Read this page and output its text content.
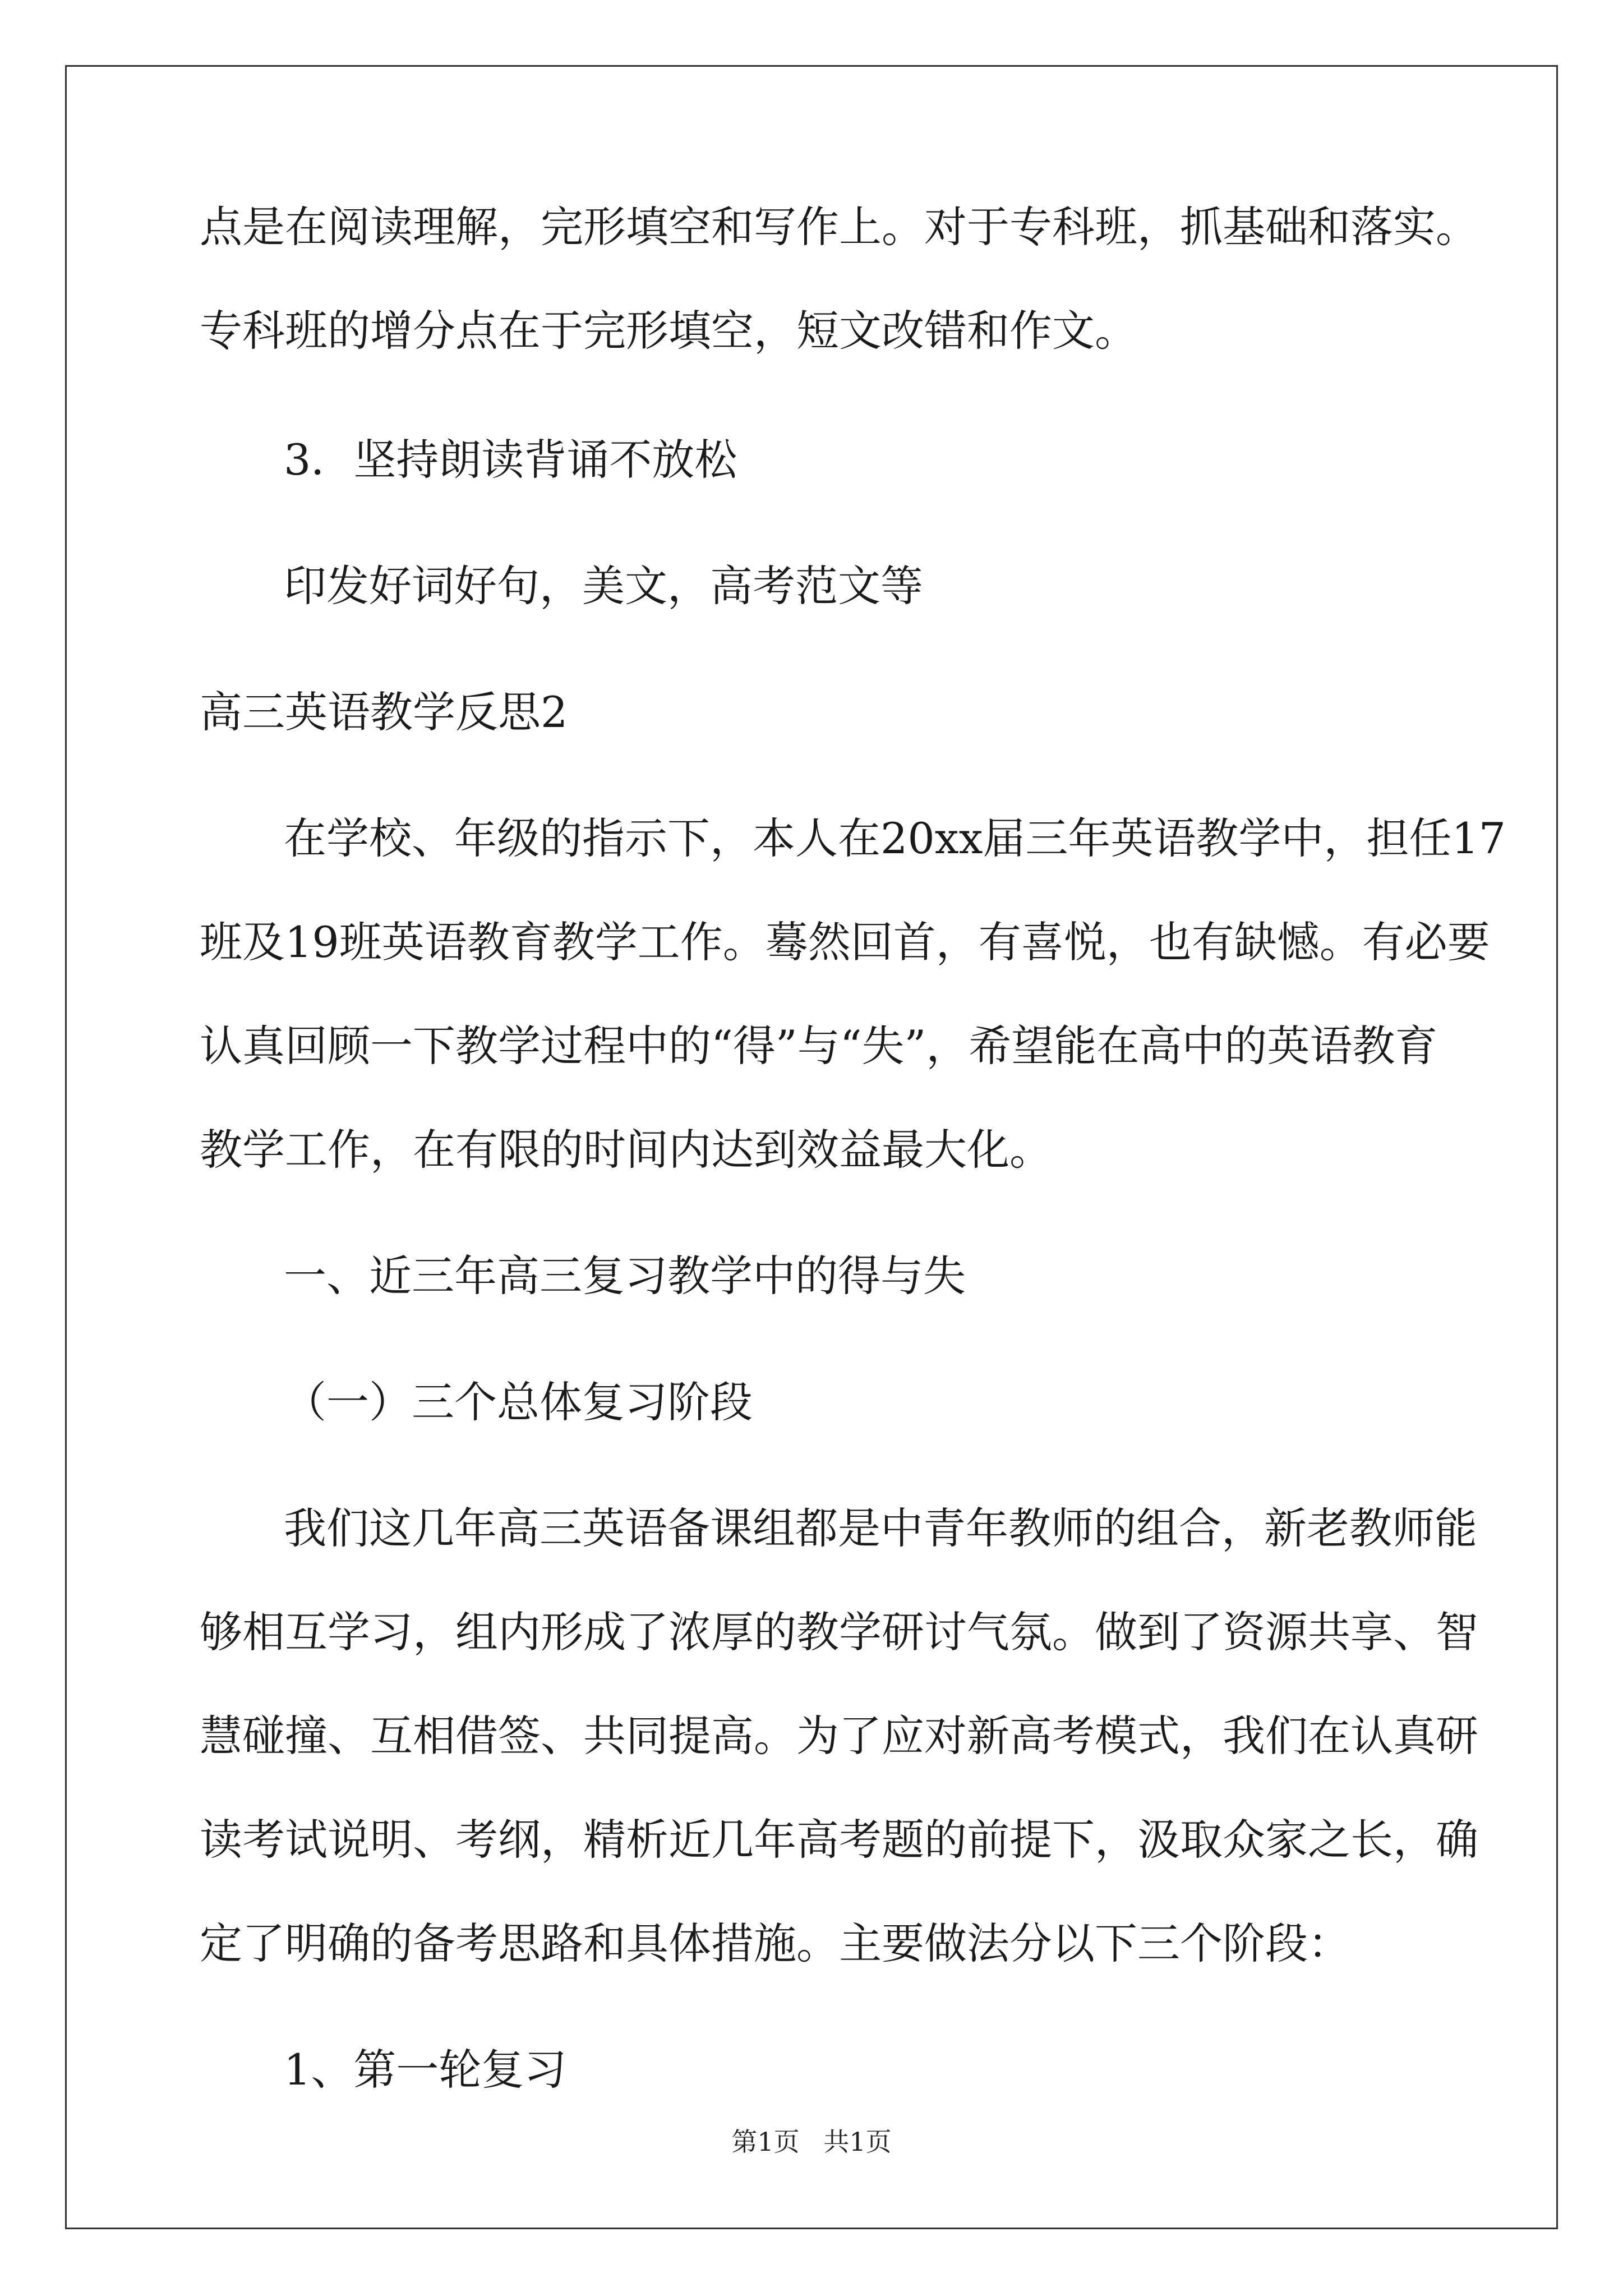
点是在阅读理解，完形填空和写作上。对于专科班，抓基础和落实。
专科班的增分点在于完形填空，短文改错和作文。
3．坚持朗读背诵不放松
印发好词好句，美文，高考范文等
高三英语教学反思2
在学校、年级的指示下，本人在20xx届三年英语教学中，担任17
班及19班英语教育教学工作。蓦然回首，有喜悦，也有缺憾。有必要
认真回顾一下教学过程中的“得”与“失”，希望能在高中的英语教育
教学工作，在有限的时间内达到效益最大化。
一、近三年高三复习教学中的得与失
（一）三个总体复习阶段
我们这几年高三英语备课组都是中青年教师的组合，新老教师能
够相互学习，组内形成了浓厚的教学研讨气氛。做到了资源共享、智
慧碰撞、互相借签、共同提高。为了应对新高考模式，我们在认真研
读考试说明、考纲，精析近几年高考题的前提下，汲取众家之长，确
定了明确的备考思路和具体措施。主要做法分以下三个阶段：
1、第一轮复习
第1页 共1页
